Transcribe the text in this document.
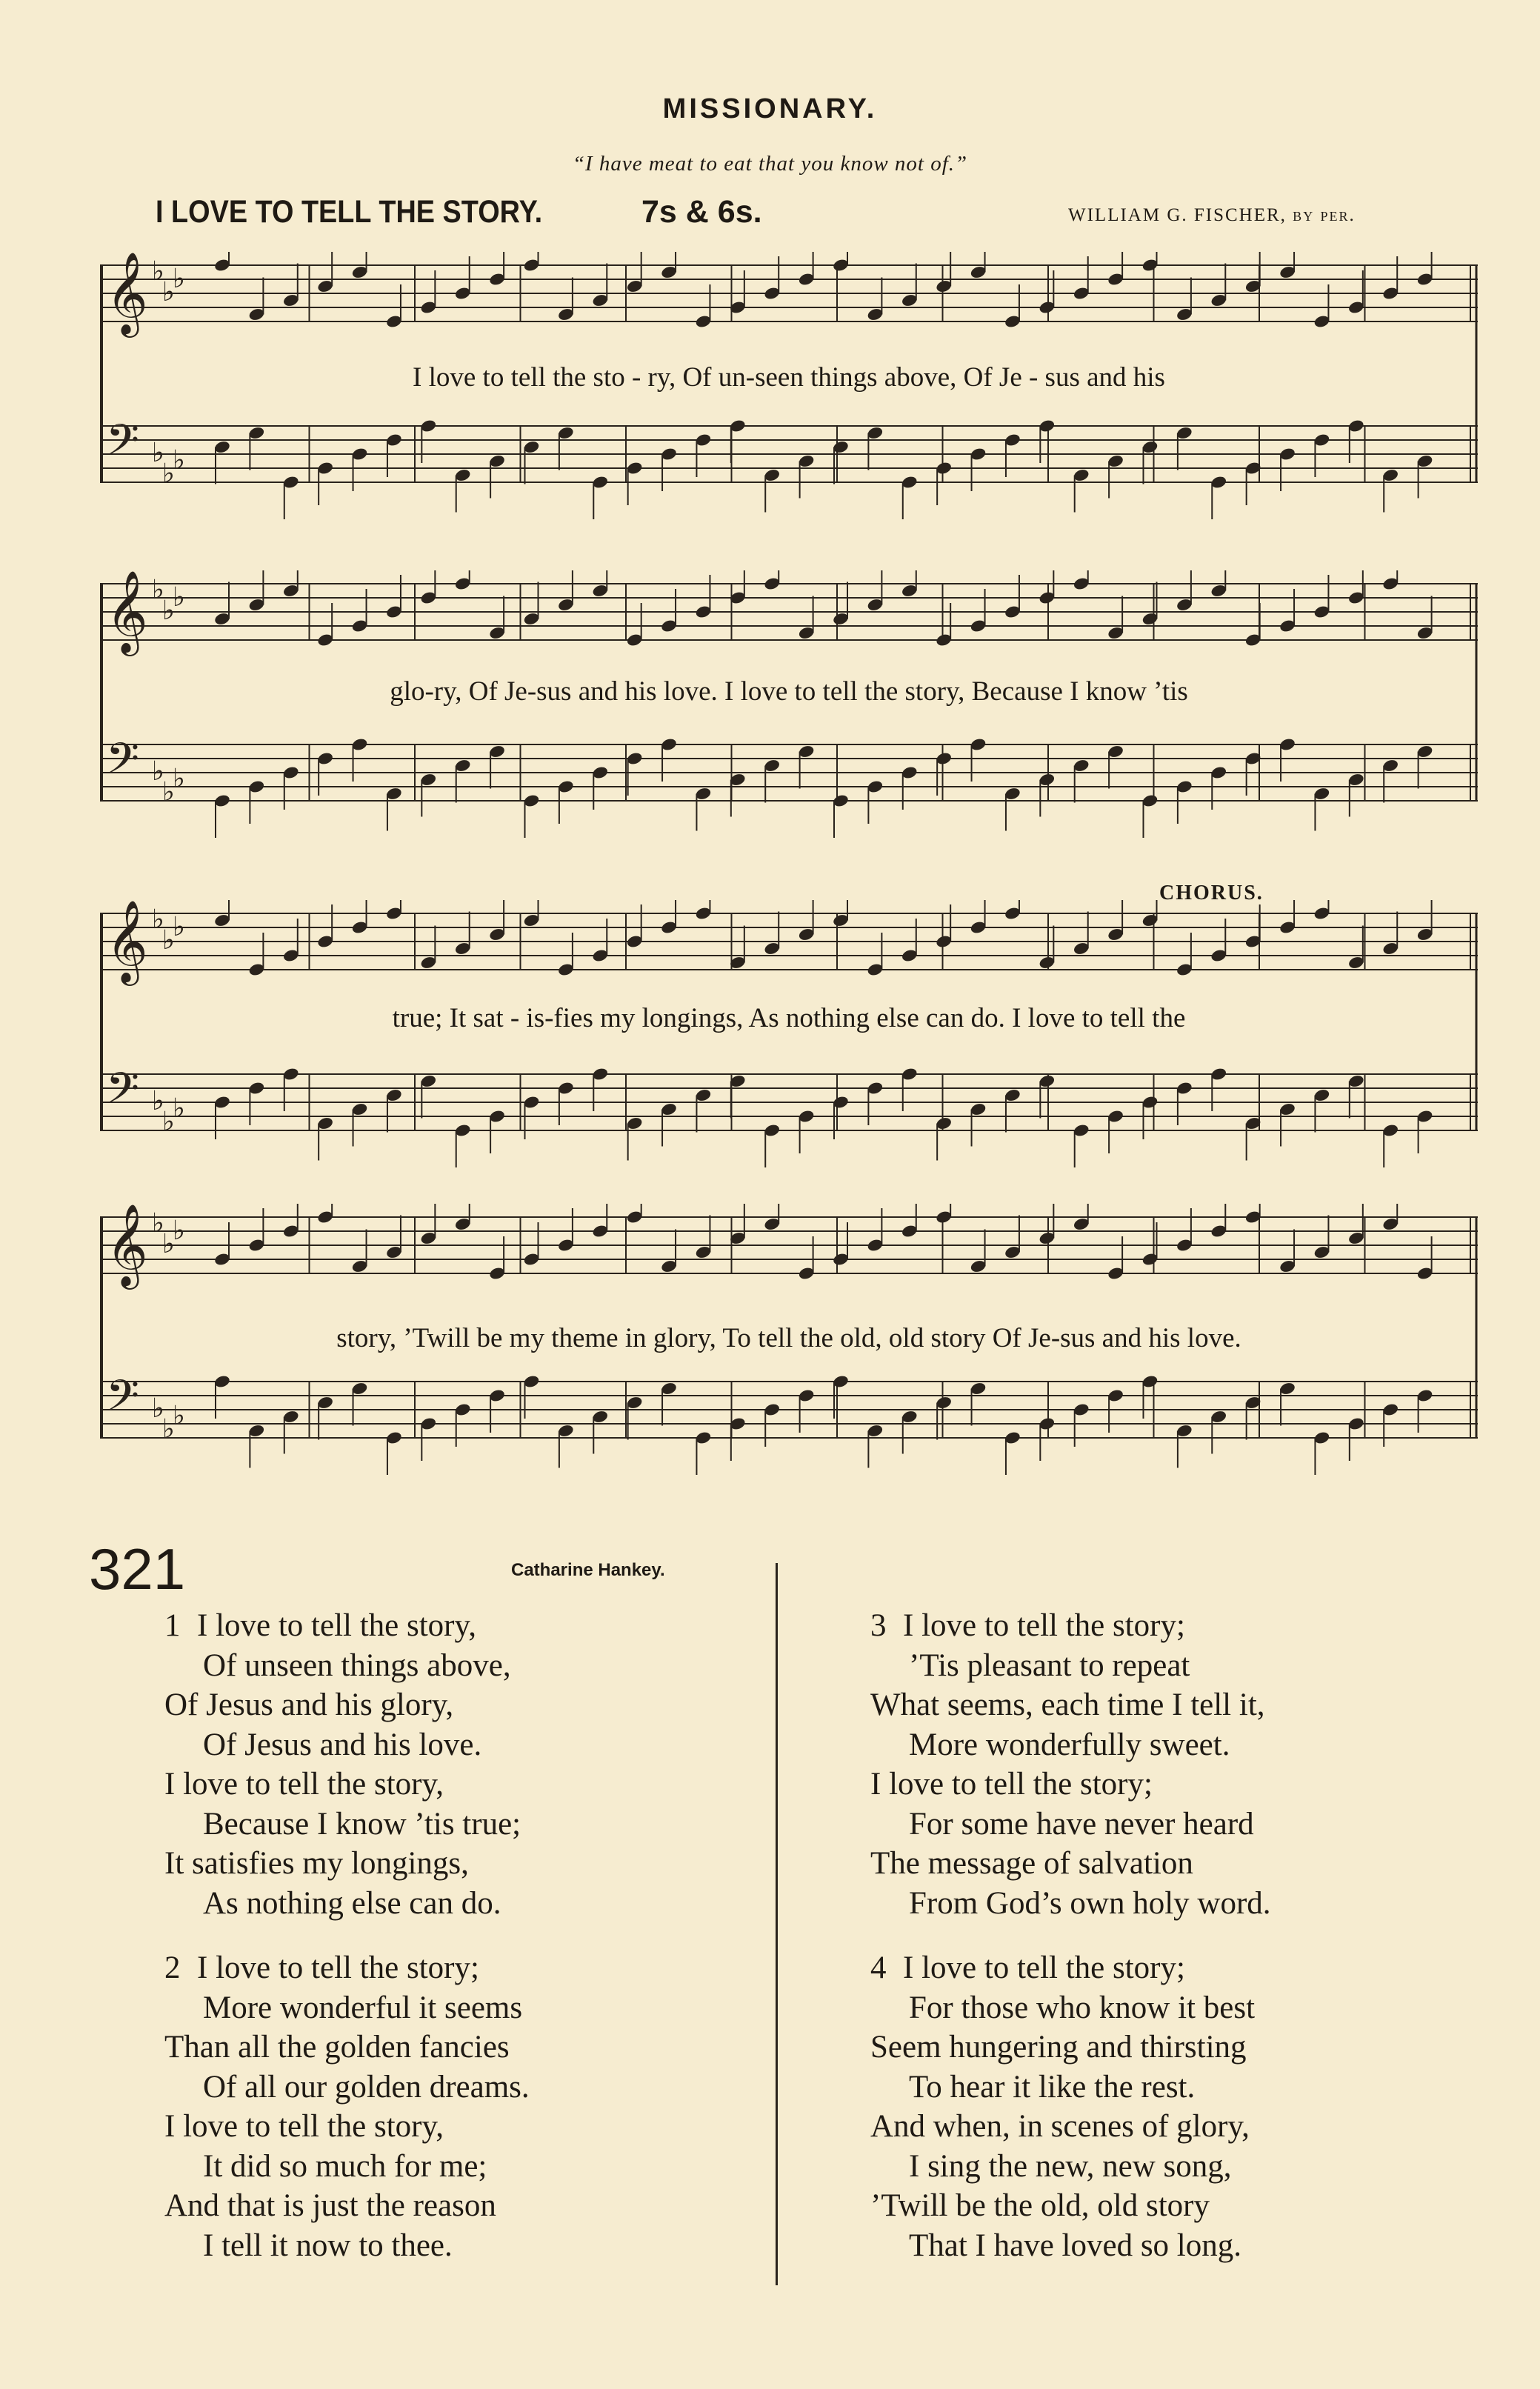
MISSIONARY.
“I have meat to eat that you know not of.”
I LOVE TO TELL THE STORY.	7s & 6s.	WILLIAM G. FISCHER, by per.
𝄞 ♭
♭
♭
𝄢 ♭
♭
♭
I love to tell the sto - ry, Of un-seen things above, Of Je - sus and his
𝄞 ♭
♭
♭
𝄢 ♭
♭
♭
glo-ry, Of Je-sus and his love. I love to tell the story, Because I know ’tis
CHORUS.
𝄞 ♭
♭
♭
𝄢 ♭
♭
♭
true; It sat - is-fies my longings, As nothing else can do. I love to tell the
𝄞 ♭
♭
♭
𝄢 ♭
♭
♭
story, ’Twill be my theme in glory, To tell the old, old story Of Je-sus and his love.
321	Catharine Hankey.
1 I love to tell the story,
Of unseen things above,
Of Jesus and his glory,
Of Jesus and his love.
I love to tell the story,
Because I know ’tis true;
It satisfies my longings,
As nothing else can do.
2 I love to tell the story;
More wonderful it seems
Than all the golden fancies
Of all our golden dreams.
I love to tell the story,
It did so much for me;
And that is just the reason
I tell it now to thee.
3 I love to tell the story;
’Tis pleasant to repeat
What seems, each time I tell it,
More wonderfully sweet.
I love to tell the story;
For some have never heard
The message of salvation
From God’s own holy word.
4 I love to tell the story;
For those who know it best
Seem hungering and thirsting
To hear it like the rest.
And when, in scenes of glory,
I sing the new, new song,
’Twill be the old, old story
That I have loved so long.
